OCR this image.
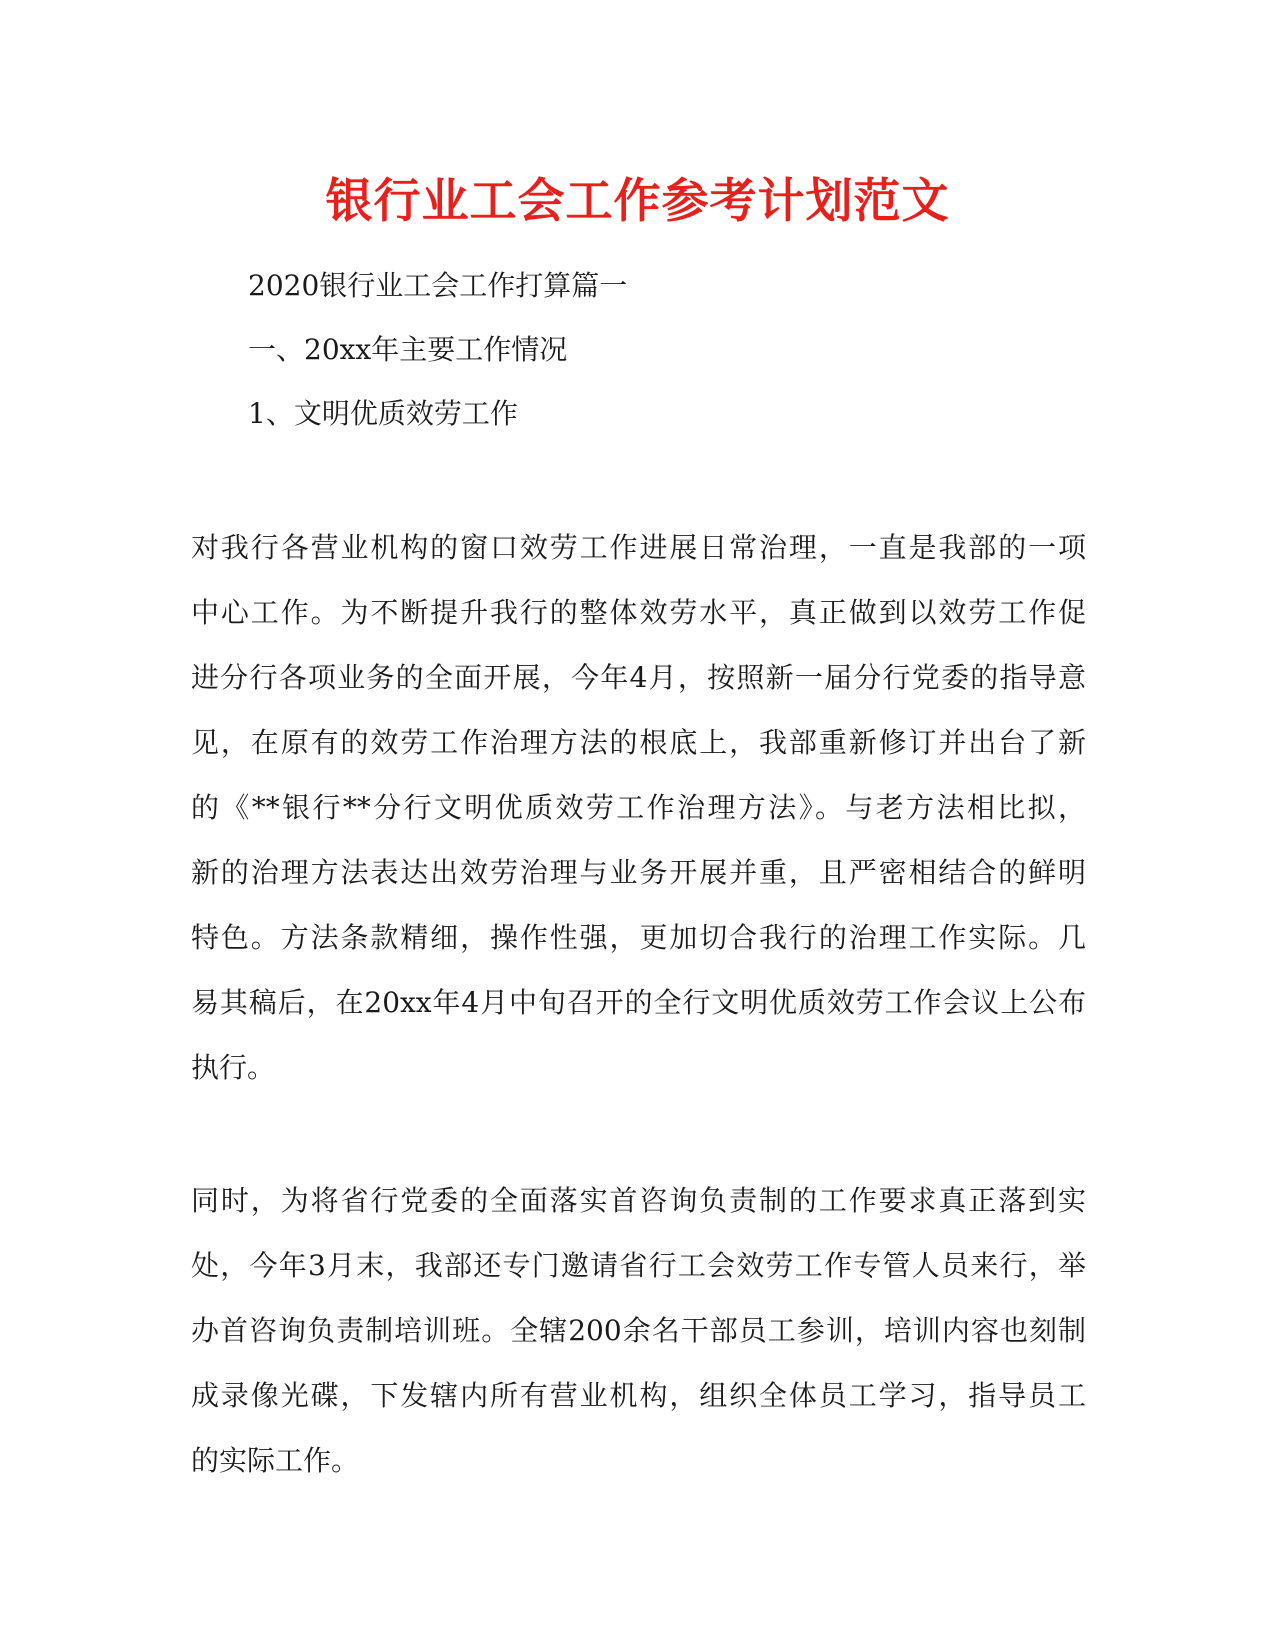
银行业工会工作参考计划范文

2020银行业工会工作打算篇一

一、20xx年主要工作情况

1、文明优质效劳工作

对我行各营业机构的窗口效劳工作进展日常治理，一直是我部的一项
中心工作。为不断提升我行的整体效劳水平，真正做到以效劳工作促
进分行各项业务的全面开展，今年4月，按照新一届分行党委的指导意
见，在原有的效劳工作治理方法的根底上，我部重新修订并出台了新
的《**银行**分行文明优质效劳工作治理方法》。与老方法相比拟，
新的治理方法表达出效劳治理与业务开展并重，且严密相结合的鲜明
特色。方法条款精细，操作性强，更加切合我行的治理工作实际。几
易其稿后，在20xx年4月中旬召开的全行文明优质效劳工作会议上公布
执行。
同时，为将省行党委的全面落实首咨询负责制的工作要求真正落到实
处，今年3月末，我部还专门邀请省行工会效劳工作专管人员来行，举
办首咨询负责制培训班。全辖200余名干部员工参训，培训内容也刻制
成录像光碟，下发辖内所有营业机构，组织全体员工学习，指导员工
的实际工作。
